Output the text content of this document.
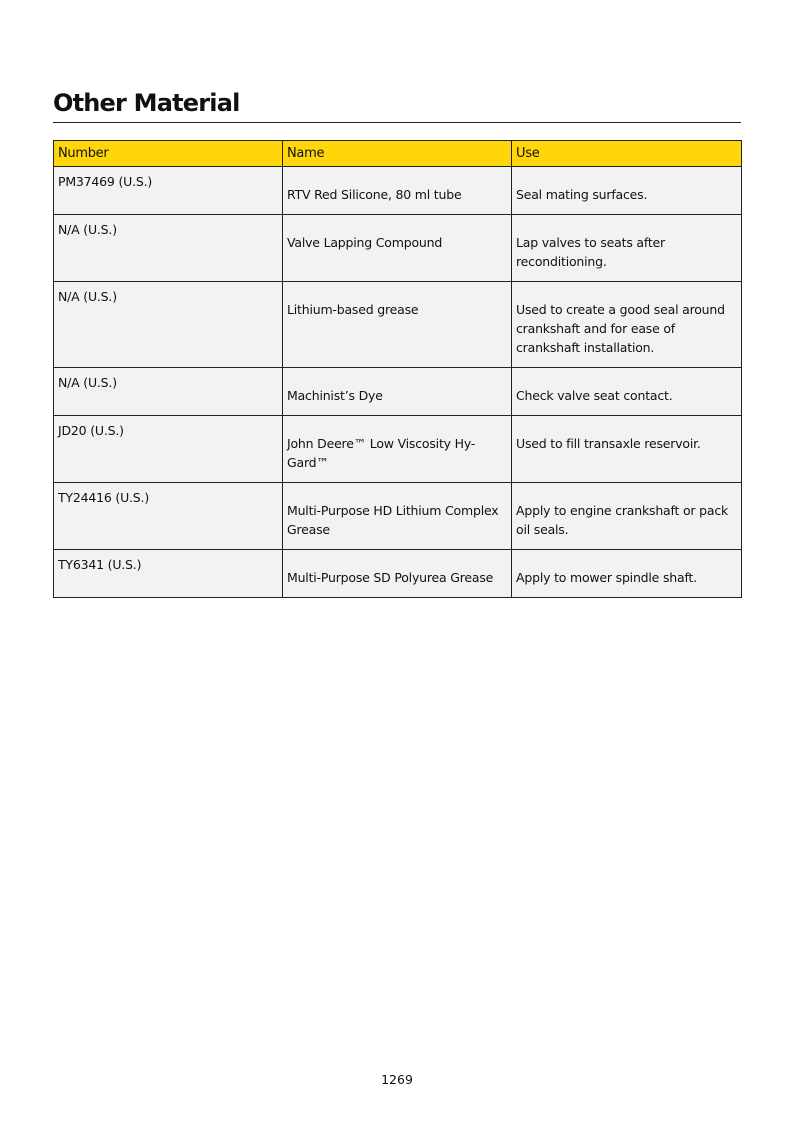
Other Material
Number	Name	Use
PM37469 (U.S.)	RTV Red Silicone, 80 ml tube	Seal mating surfaces.
N/A (U.S.)	Valve Lapping Compound	Lap valves to seats after reconditioning.
N/A (U.S.)	Lithium-based grease	Used to create a good seal around crankshaft and for ease of crankshaft installation.
N/A (U.S.)	Machinist’s Dye	Check valve seat contact.
JD20 (U.S.)	John Deere™ Low Viscosity Hy-Gard™	Used to fill transaxle reservoir.
TY24416 (U.S.)	Multi-Purpose HD Lithium Complex Grease	Apply to engine crankshaft or pack oil seals.
TY6341 (U.S.)	Multi-Purpose SD Polyurea Grease	Apply to mower spindle shaft.
1269
